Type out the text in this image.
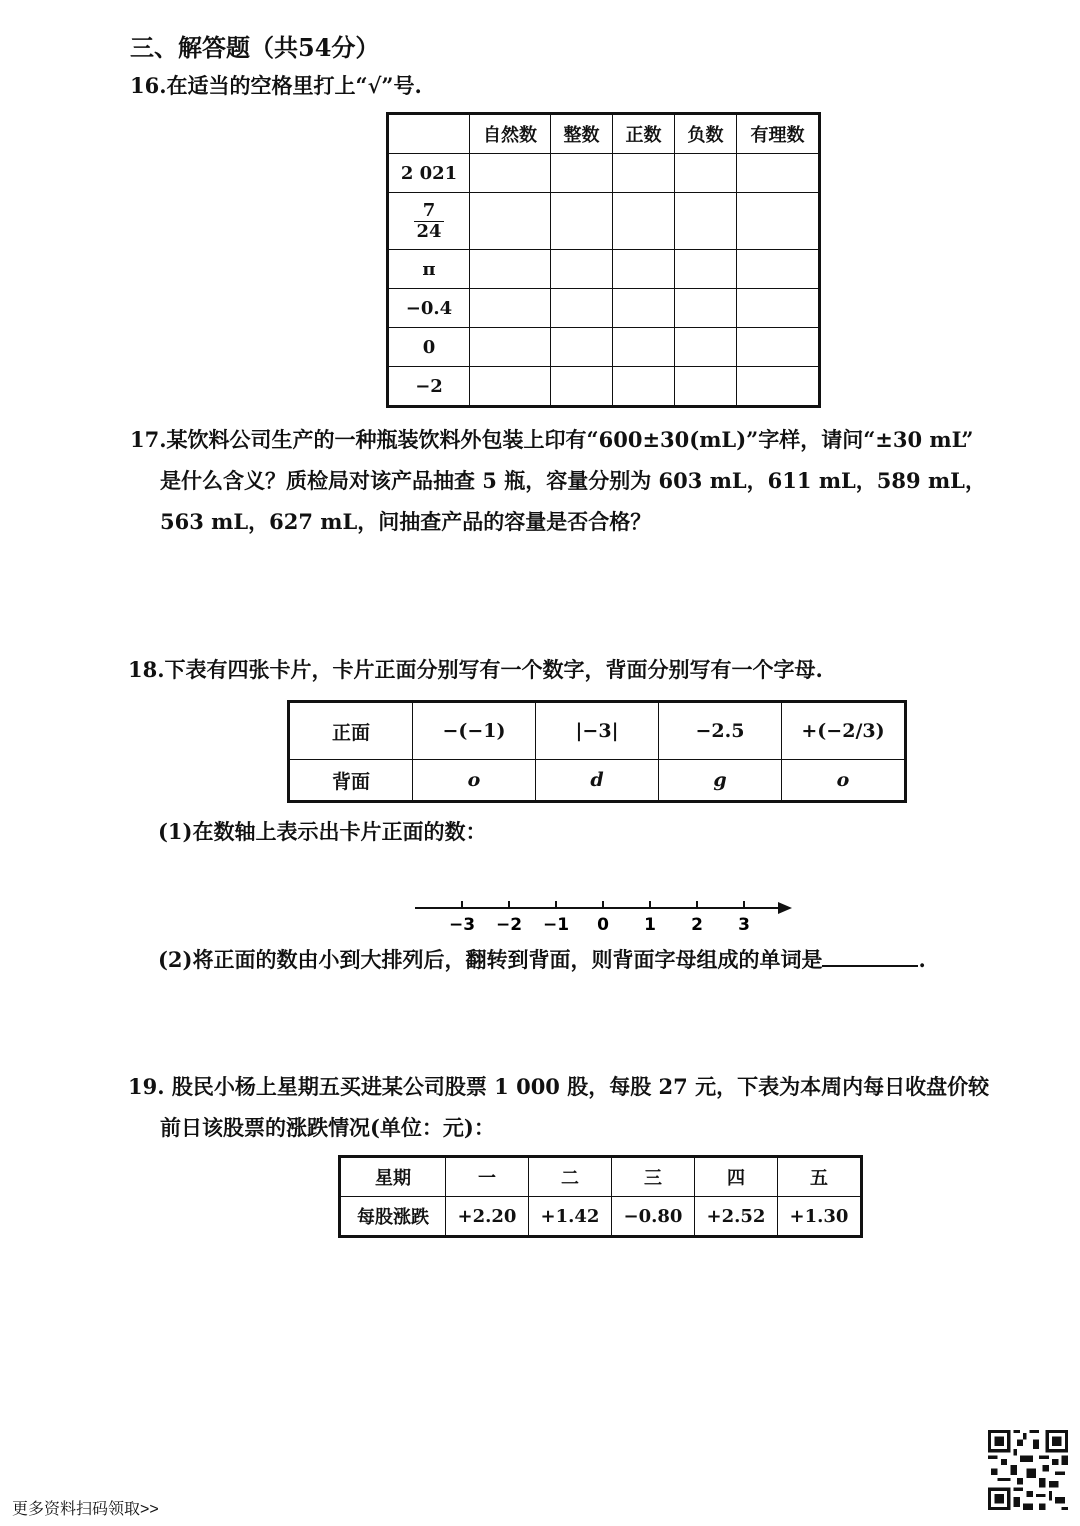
三、解答题（共54分）
16.在适当的空格里打上“√”号.
	自然数	整数	正数	负数	有理数
2 021					

$\frac{7}{24}$

π					
−0.4					
0					
−2					
17.某饮料公司生产的一种瓶装饮料外包装上印有“600±30(mL)”字样，请问“±30 mL”
是什么含义？质检局对该产品抽查 5 瓶，容量分别为 603 mL，611 mL，589 mL，
563 mL，627 mL，问抽查产品的容量是否合格？
18.下表有四张卡片，卡片正面分别写有一个数字，背面分别写有一个字母.
正面	−(−1)	|−3|	−2.5	+(−2/3)
背面	o	d	g	o
(1)在数轴上表示出卡片正面的数：
−3 −2 −1 0 1 2 3
(2)将正面的数由小到大排列后，翻转到背面，则背面字母组成的单词是	.
19. 股民小杨上星期五买进某公司股票 1 000 股，每股 27 元，下表为本周内每日收盘价较
前日该股票的涨跌情况(单位：元)：
星期	一	二	三	四	五
每股涨跌	+2.20	+1.42	−0.80	+2.52	+1.30
更多资料扫码领取>>
